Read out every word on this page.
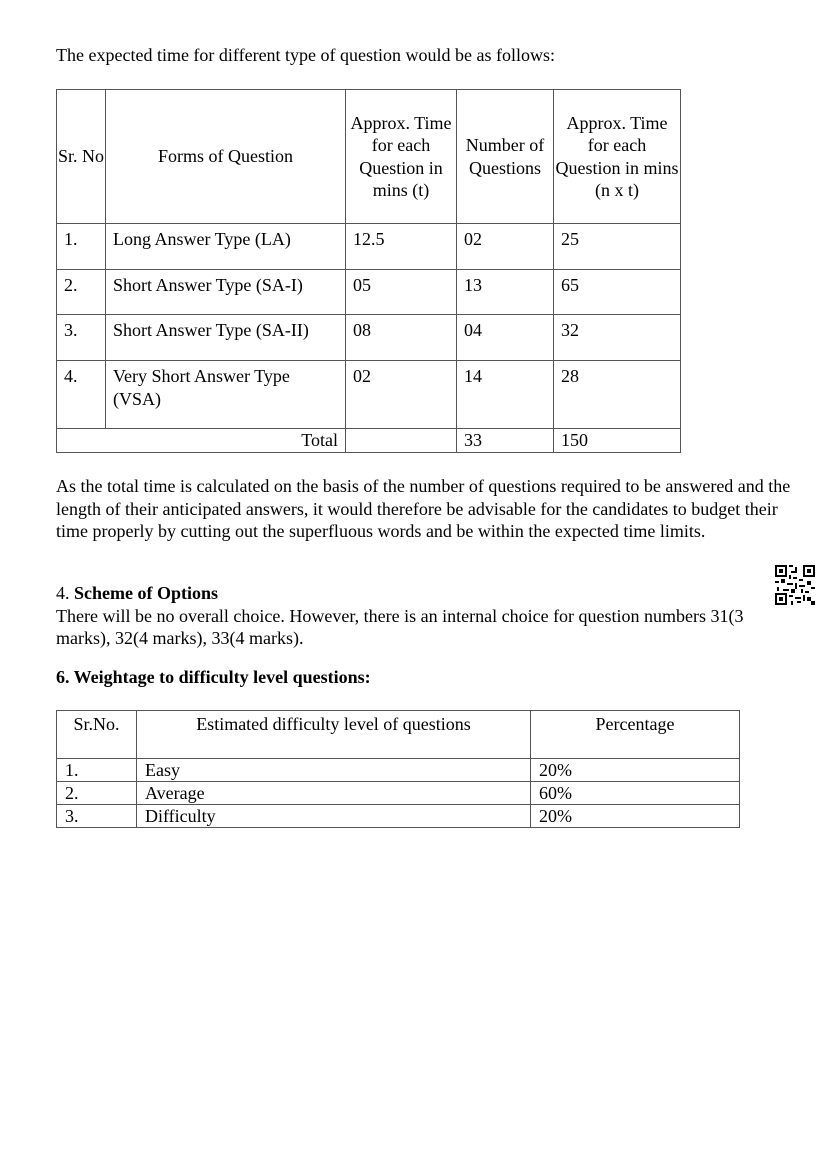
The expected time for different type of question would be as follows:
Sr. No	Forms of Question	Approx. Time for each Question in mins (t)	Number of Questions	Approx. Time for each Question in mins (n x t)
1.	Long Answer Type (LA)	12.5	02	25
2.	Short Answer Type (SA-I)	05	13	65
3.	Short Answer Type (SA-II)	08	04	32
4.	Very Short Answer Type (VSA)	02	14	28
Total			33	150
As the total time is calculated on the basis of the number of questions required to be answered and the length of their anticipated answers, it would therefore be advisable for the candidates to budget their time properly by cutting out the superfluous words and be within the expected time limits.
4. Scheme of Options
There will be no overall choice. However, there is an internal choice for question numbers 31(3 marks), 32(4 marks), 33(4 marks).
6. Weightage to difficulty level questions:
Sr.No.	Estimated difficulty level of questions	Percentage
1.	Easy	20%
2.	Average	60%
3.	Difficulty	20%
